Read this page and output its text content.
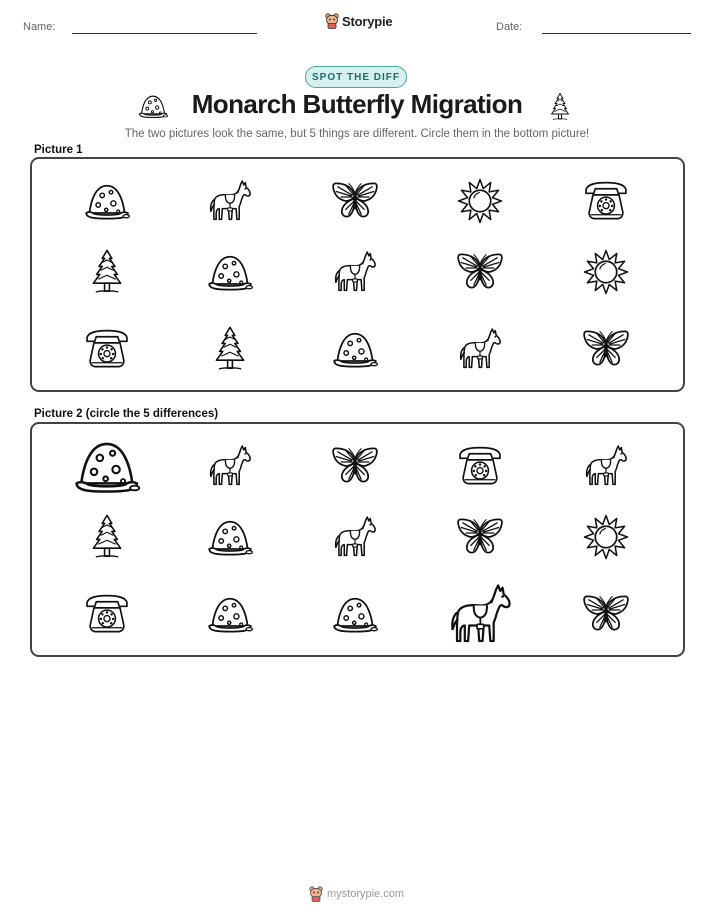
Name:	Storypie	Date:
SPOT THE DIFF
Monarch Butterfly Migration
The two pictures look the same, but 5 things are different. Circle them in the bottom picture!
Picture 1
Picture 2 (circle the 5 differences)
mystorypie.com
